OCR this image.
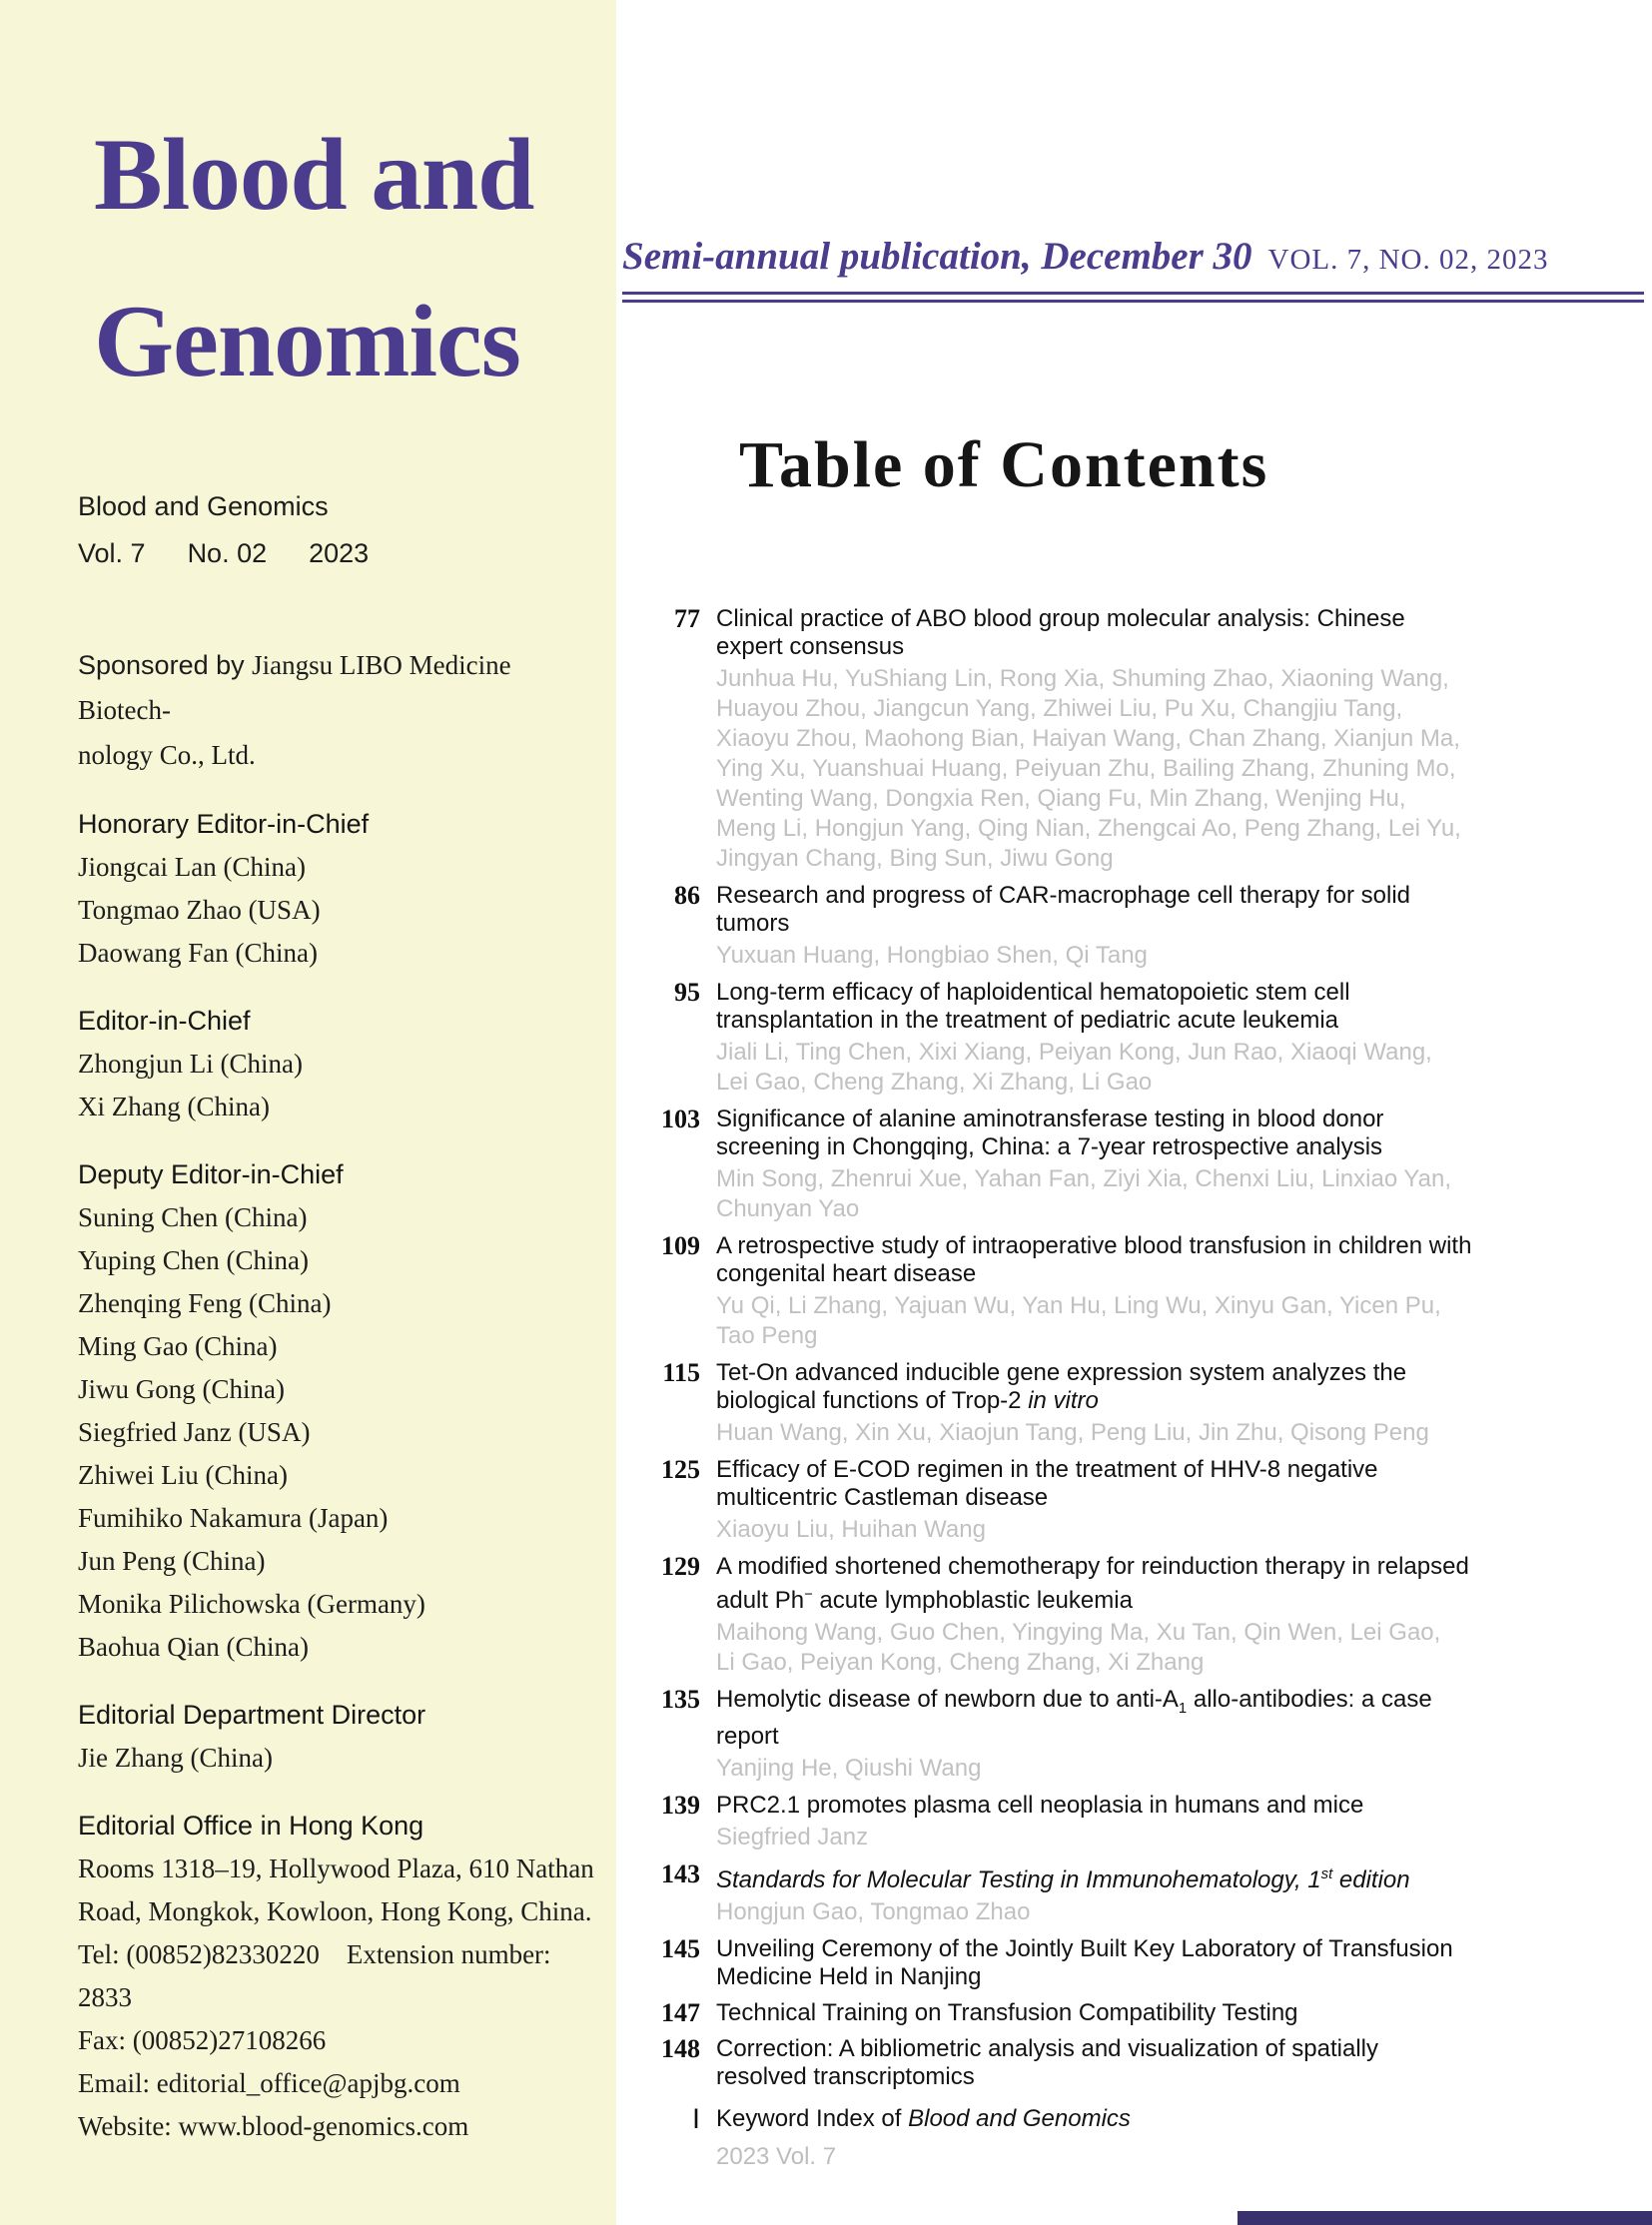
Blood and
Genomics
Blood and Genomics
Vol. 7 No. 02 2023
Sponsored by Jiangsu LIBO Medicine Biotech-
nology Co., Ltd.
Honorary Editor-in-Chief
Jiongcai Lan (China)
Tongmao Zhao (USA)
Daowang Fan (China)
Editor-in-Chief
Zhongjun Li (China)
Xi Zhang (China)
Deputy Editor-in-Chief
Suning Chen (China)
Yuping Chen (China)
Zhenqing Feng (China)
Ming Gao (China)
Jiwu Gong (China)
Siegfried Janz (USA)
Zhiwei Liu (China)
Fumihiko Nakamura (Japan)
Jun Peng (China)
Monika Pilichowska (Germany)
Baohua Qian (China)
Editorial Department Director
Jie Zhang (China)
Editorial Office in Hong Kong
Rooms 1318–19, Hollywood Plaza, 610 Nathan
Road, Mongkok, Kowloon, Hong Kong, China.
Tel: (00852)82330220    Extension number: 2833
Fax: (00852)27108266
Email: editorial_office@apjbg.com
Website: www.blood-genomics.com
Semi-annual publication, December 30 VOL. 7, NO. 02, 2023
Table of Contents
77 Clinical practice of ABO blood group molecular analysis: Chinese
expert consensus
Junhua Hu, YuShiang Lin, Rong Xia, Shuming Zhao, Xiaoning Wang,
Huayou Zhou, Jiangcun Yang, Zhiwei Liu, Pu Xu, Changjiu Tang,
Xiaoyu Zhou, Maohong Bian, Haiyan Wang, Chan Zhang, Xianjun Ma,
Ying Xu, Yuanshuai Huang, Peiyuan Zhu, Bailing Zhang, Zhuning Mo,
Wenting Wang, Dongxia Ren, Qiang Fu, Min Zhang, Wenjing Hu,
Meng Li, Hongjun Yang, Qing Nian, Zhengcai Ao, Peng Zhang, Lei Yu,
Jingyan Chang, Bing Sun, Jiwu Gong
86 Research and progress of CAR-macrophage cell therapy for solid
tumors
Yuxuan Huang, Hongbiao Shen, Qi Tang
95 Long-term efficacy of haploidentical hematopoietic stem cell
transplantation in the treatment of pediatric acute leukemia
Jiali Li, Ting Chen, Xixi Xiang, Peiyan Kong, Jun Rao, Xiaoqi Wang,
Lei Gao, Cheng Zhang, Xi Zhang, Li Gao
103 Significance of alanine aminotransferase testing in blood donor
screening in Chongqing, China: a 7-year retrospective analysis
Min Song, Zhenrui Xue, Yahan Fan, Ziyi Xia, Chenxi Liu, Linxiao Yan,
Chunyan Yao
109 A retrospective study of intraoperative blood transfusion in children with
congenital heart disease
Yu Qi, Li Zhang, Yajuan Wu, Yan Hu, Ling Wu, Xinyu Gan, Yicen Pu,
Tao Peng
115 Tet-On advanced inducible gene expression system analyzes the
biological functions of Trop-2 in vitro
Huan Wang, Xin Xu, Xiaojun Tang, Peng Liu, Jin Zhu, Qisong Peng
125 Efficacy of E-COD regimen in the treatment of HHV-8 negative
multicentric Castleman disease
Xiaoyu Liu, Huihan Wang
129 A modified shortened chemotherapy for reinduction therapy in relapsed
adult Ph− acute lymphoblastic leukemia
Maihong Wang, Guo Chen, Yingying Ma, Xu Tan, Qin Wen, Lei Gao,
Li Gao, Peiyan Kong, Cheng Zhang, Xi Zhang
135 Hemolytic disease of newborn due to anti-$A_1$ allo-antibodies: a case
report
Yanjing He, Qiushi Wang
139 PRC2.1 promotes plasma cell neoplasia in humans and mice
Siegfried Janz
143 Standards for Molecular Testing in Immunohematology, 1st edition
Hongjun Gao, Tongmao Zhao
145 Unveiling Ceremony of the Jointly Built Key Laboratory of Transfusion
Medicine Held in Nanjing
147 Technical Training on Transfusion Compatibility Testing
148 Correction: A bibliometric analysis and visualization of spatially
resolved transcriptomics
Ⅰ Keyword Index of Blood and Genomics
2023 Vol. 7
